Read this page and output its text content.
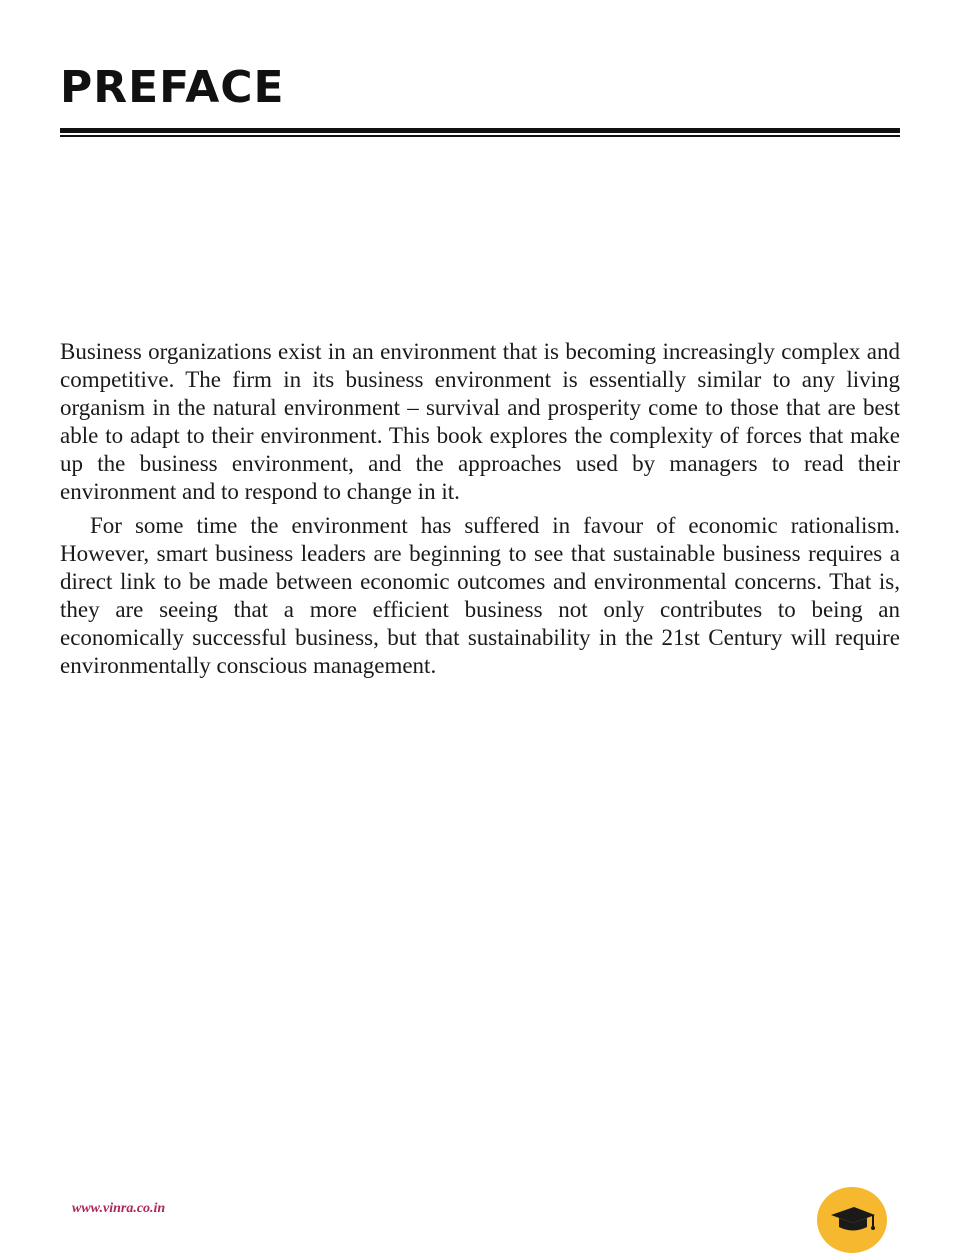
PREFACE

Business organizations exist in an environment that is becoming increasingly complex and competitive. The firm in its business environment is essentially similar to any living organism in the natural environment – survival and prosperity come to those that are best able to adapt to their environment. This book explores the complexity of forces that make up the business environment, and the approaches used by managers to read their environment and to respond to change in it.

For some time the environment has suffered in favour of economic rationalism. However, smart business leaders are beginning to see that sustainable business requires a direct link to be made between economic outcomes and environmental concerns. That is, they are seeing that a more efficient business not only contributes to being an economically successful business, but that sustainability in the 21st Century will require environmentally conscious management.

www.vinra.co.in
